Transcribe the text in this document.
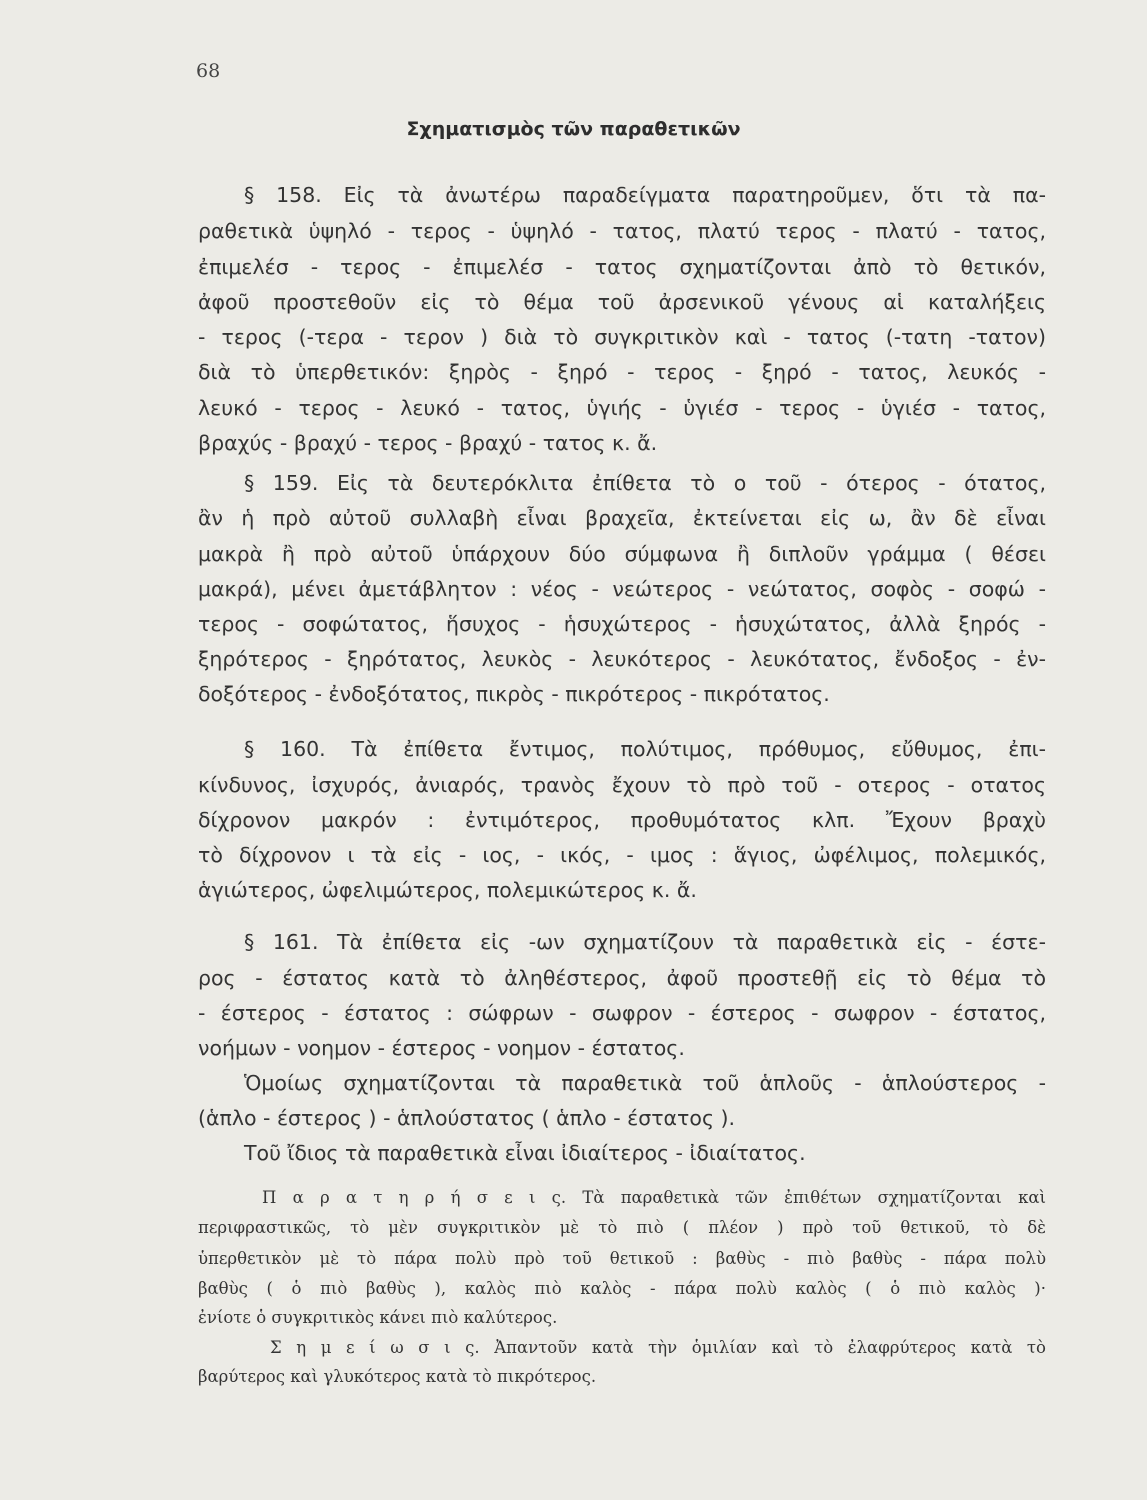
68
Σχηματισμὸς τῶν παραθετικῶν
§ 158. Εἰς τὰ ἀνωτέρω παραδείγματα παρατηροῦμεν, ὅτι τὰ πα-
ραθετικὰ ὑψηλό - τερος - ὑψηλό - τατος, πλατύ τερος - πλατύ - τατος,
ἐπιμελέσ - τερος - ἐπιμελέσ - τατος σχηματίζονται ἀπὸ τὸ θετικόν,
ἀφοῦ προστεθοῦν εἰς τὸ θέμα τοῦ ἀρσενικοῦ γένους αἱ καταλήξεις
- τερος (-τερα - τερον ) διὰ τὸ συγκριτικὸν καὶ - τατος (-τατη -τατον)
διὰ τὸ ὑπερθετικόν: ξηρὸς - ξηρό - τερος - ξηρό - τατος, λευκός -
λευκό - τερος - λευκό - τατος, ὑγιής - ὑγιέσ - τερος - ὑγιέσ - τατος,
βραχύς - βραχύ - τερος - βραχύ - τατος κ. ἄ.
§ 159. Εἰς τὰ δευτερόκλιτα ἐπίθετα τὸ ο τοῦ - ότερος - ότατος,
ἂν ἡ πρὸ αὐτοῦ συλλαβὴ εἶναι βραχεῖα, ἐκτείνεται εἰς ω, ἂν δὲ εἶναι
μακρὰ ἢ πρὸ αὐτοῦ ὑπάρχουν δύο σύμφωνα ἢ διπλοῦν γράμμα ( θέσει
μακρά), μένει ἀμετάβλητον : νέος - νεώτερος - νεώτατος, σοφὸς - σοφώ -
τερος - σοφώτατος, ἥσυχος - ἡσυχώτερος - ἡσυχώτατος, ἀλλὰ ξηρός -
ξηρότερος - ξηρότατος, λευκὸς - λευκότερος - λευκότατος, ἔνδοξος - ἐν-
δοξότερος - ἐνδοξότατος, πικρὸς - πικρότερος - πικρότατος.
§ 160. Τὰ ἐπίθετα ἔντιμος, πολύτιμος, πρόθυμος, εὔθυμος, ἐπι-
κίνδυνος, ἰσχυρός, ἀνιαρός, τρανὸς ἔχουν τὸ πρὸ τοῦ - οτερος - οτατος
δίχρονον μακρόν : ἐντιμότερος, προθυμότατος κλπ. Ἔχουν βραχὺ
τὸ δίχρονον ι τὰ εἰς - ιος, - ικός, - ιμος : ἅγιος, ὠφέλιμος, πολεμικός,
ἁγιώτερος, ὠφελιμώτερος, πολεμικώτερος κ. ἄ.
§ 161. Τὰ ἐπίθετα εἰς -ων σχηματίζουν τὰ παραθετικὰ εἰς - έστε-
ρος - έστατος κατὰ τὸ ἀληθέστερος, ἀφοῦ προστεθῇ εἰς τὸ θέμα τὸ
- έστερος - έστατος : σώφρων - σωφρον - έστερος - σωφρον - έστατος,
νοήμων - νοημον - έστερος - νοημον - έστατος.
Ὁμοίως σχηματίζονται τὰ παραθετικὰ τοῦ ἁπλοῦς - ἁπλούστερος -
(ἁπλο - έστερος ) - ἁπλούστατος ( ἁπλο - έστατος ).
Τοῦ ἴδιος τὰ παραθετικὰ εἶναι ἰδιαίτερος - ἰδιαίτατος.
Π α ρ α τ η ρ ή σ ε ι ς. Τὰ παραθετικὰ τῶν ἐπιθέτων σχηματίζονται καὶ
περιφραστικῶς, τὸ μὲν συγκριτικὸν μὲ τὸ πιὸ ( πλέον ) πρὸ τοῦ θετικοῦ, τὸ δὲ
ὑπερθετικὸν μὲ τὸ πάρα πολὺ πρὸ τοῦ θετικοῦ : βαθὺς - πιὸ βαθὺς - πάρα πολὺ
βαθὺς ( ὁ πιὸ βαθὺς ), καλὸς πιὸ καλὸς - πάρα πολὺ καλὸς ( ὁ πιὸ καλὸς )·
ἐνίοτε ὁ συγκριτικὸς κάνει πιὸ καλύτερος.
Σ η μ ε ί ω σ ι ς. Ἀπαντοῦν κατὰ τὴν ὁμιλίαν καὶ τὸ ἐλαφρύτερος κατὰ τὸ
βαρύτερος καὶ γλυκότερος κατὰ τὸ πικρότερος.
